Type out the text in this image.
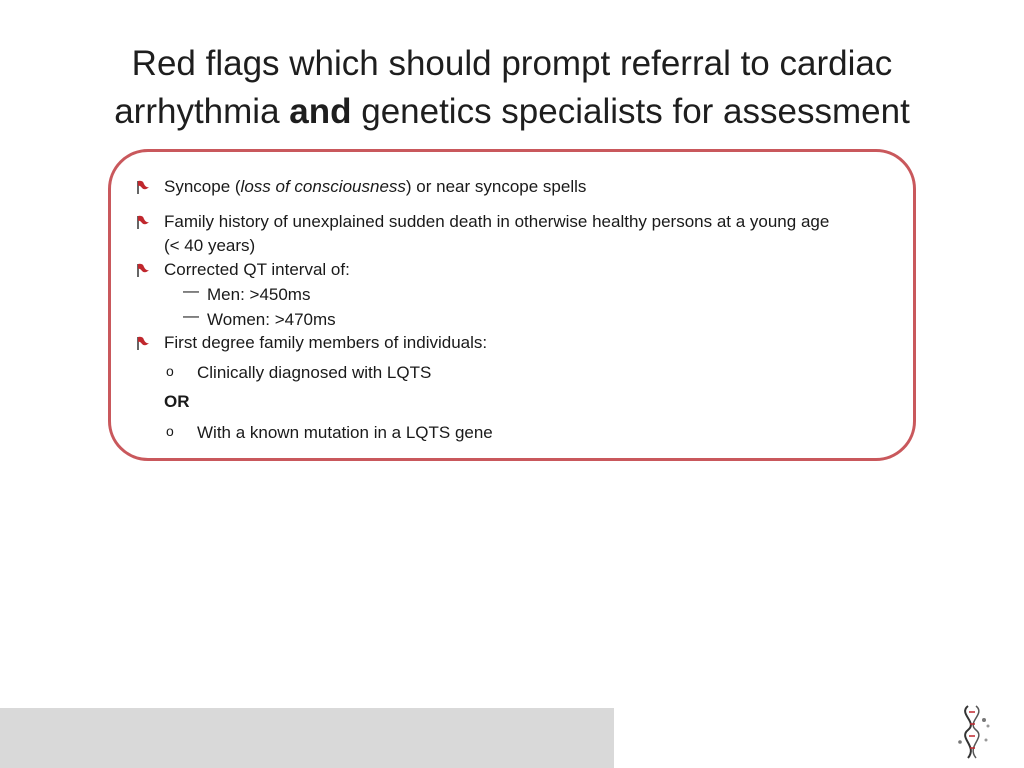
Red flags which should prompt referral to cardiac
arrhythmia and genetics specialists for assessment
Syncope (loss of consciousness) or near syncope spells
Family history of unexplained sudden death in otherwise healthy persons at a young age
(< 40 years)
Corrected QT interval of:
— Men: >450ms
— Women: >470ms
First degree family members of individuals:
o Clinically diagnosed with LQTS
OR
o With a known mutation in a LQTS gene
